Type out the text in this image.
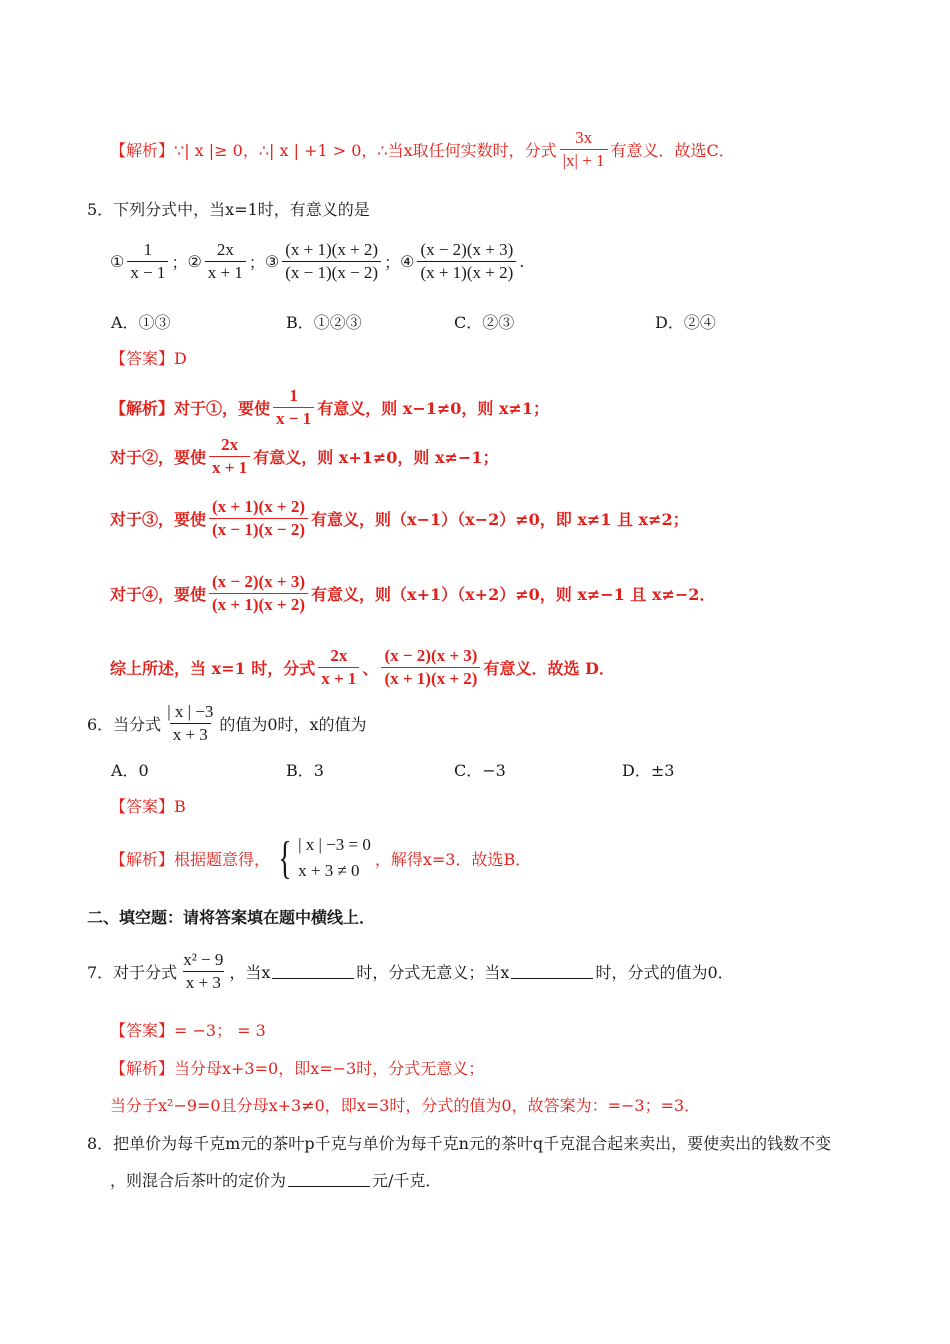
【解析】 ∵| x |≥ 0，∴| x | +1 > 0，∴当x取任何实数时，分式 $\frac{3x}{|x| + 1}$ 有意义．故选C．
5．下列分式中，当x=1时，有意义的是
① $\frac{1}{x - 1}$ ； ② $\frac{2x}{x + 1}$ ； ③ $\frac{(x + 1)(x + 2)}{(x - 1)(x - 2)}$ ； ④ $\frac{(x - 2)(x + 3)}{(x + 1)(x + 2)}$ .
A．①③	B．①②③	C．②③	D．②④
【答案】D
【解析】对于①，要使 $\frac{1}{x - 1}$ 有意义，则 x−1≠0，则 x≠1；
对于②，要使 $\frac{2x}{x + 1}$ 有意义，则 x+1≠0，则 x≠−1；
对于③，要使 $\frac{(x + 1)(x + 2)}{(x - 1)(x - 2)}$ 有意义，则（x−1）（x−2）≠0，即 x≠1 且 x≠2；
对于④，要使 $\frac{(x - 2)(x + 3)}{(x + 1)(x + 2)}$ 有意义，则（x+1）（x+2）≠0，则 x≠−1 且 x≠−2．
综上所述，当 x=1 时，分式 $\frac{2x}{x + 1}$ 、 $\frac{(x - 2)(x + 3)}{(x + 1)(x + 2)}$ 有意义．故选 D．
6．当分式 $\frac{| x | -3}{x + 3}$ 的值为0时，x的值为
A．0	B．3	C．−3	D．±3
【答案】B
【解析】根据题意得， { | x | −3 = 0
x + 3 ≠ 0
，解得x=3．故选B．
二、填空题：请将答案填在题中横线上．
7．对于分式 $\frac{\text{x² − 9}}{x + 3}$ ，当x	时，分式无意义；当x	时，分式的值为0．
【答案】= −3； = 3
【解析】当分母x+3=0，即x=−3时，分式无意义；
当分子x²−9=0且分母x+3≠0，即x=3时，分式的值为0，故答案为：=−3；=3．
8．把单价为每千克m元的茶叶p千克与单价为每千克n元的茶叶q千克混合起来卖出，要使卖出的钱数不变
，则混合后茶叶的定价为	元/千克．
